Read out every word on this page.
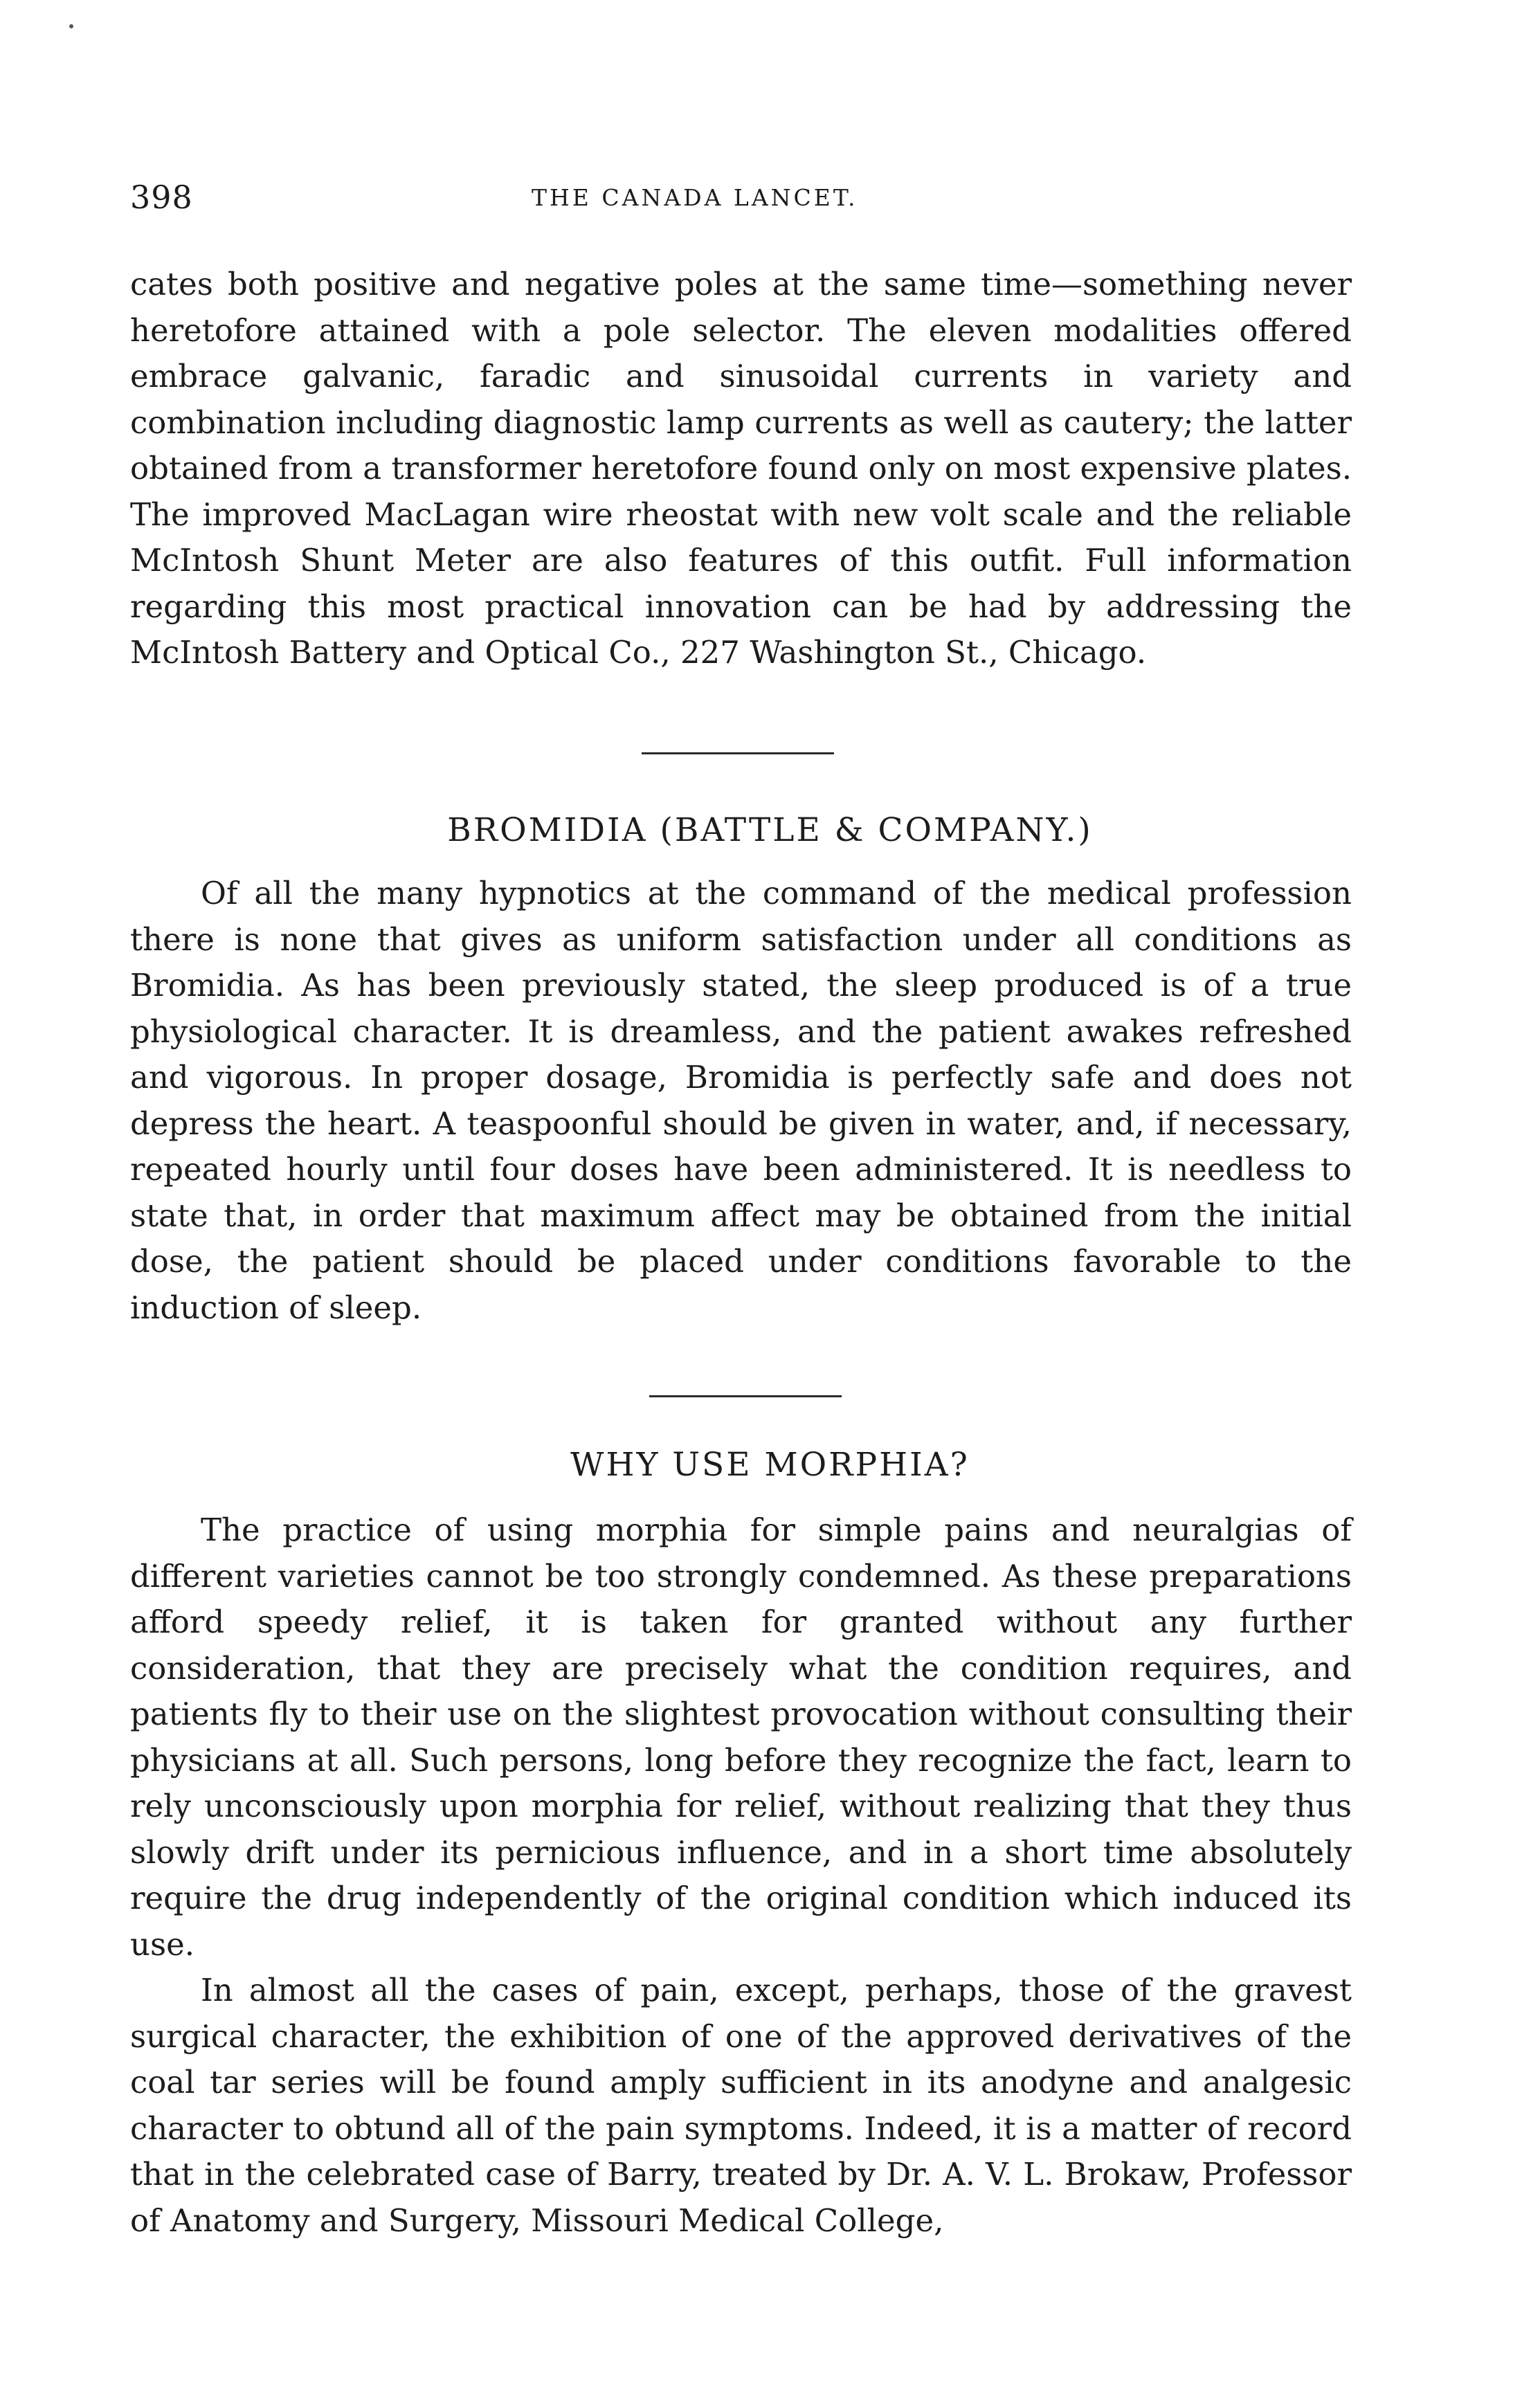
398	THE CANADA LANCET.

cates both positive and negative poles at the same time—something never heretofore attained with a pole selector. The eleven modalities offered embrace galvanic, faradic and sinusoidal currents in variety and combination including diagnostic lamp currents as well as cautery; the latter obtained from a transformer heretofore found only on most expensive plates. The improved MacLagan wire rheostat with new volt scale and the reliable McIntosh Shunt Meter are also features of this outfit. Full information regarding this most practical innovation can be had by addressing the McIntosh Battery and Optical Co., 227 Washington St., Chicago.

BROMIDIA (BATTLE & COMPANY.)

Of all the many hypnotics at the command of the medical profession there is none that gives as uniform satisfaction under all conditions as Bromidia. As has been previously stated, the sleep produced is of a true physiological character. It is dreamless, and the patient awakes refreshed and vigorous. In proper dosage, Bromidia is perfectly safe and does not depress the heart. A teaspoonful should be given in water, and, if necessary, repeated hourly until four doses have been administered. It is needless to state that, in order that maximum affect may be obtained from the initial dose, the patient should be placed under conditions favorable to the induction of sleep.

WHY USE MORPHIA?

The practice of using morphia for simple pains and neuralgias of different varieties cannot be too strongly condemned. As these preparations afford speedy relief, it is taken for granted without any further consideration, that they are precisely what the condition requires, and patients fly to their use on the slightest provocation without consulting their physicians at all. Such persons, long before they recognize the fact, learn to rely unconsciously upon morphia for relief, without realizing that they thus slowly drift under its pernicious influence, and in a short time absolutely require the drug independently of the original condition which induced its use.

In almost all the cases of pain, except, perhaps, those of the gravest surgical character, the exhibition of one of the approved derivatives of the coal tar series will be found amply sufficient in its anodyne and analgesic character to obtund all of the pain symptoms. Indeed, it is a matter of record that in the celebrated case of Barry, treated by Dr. A. V. L. Brokaw, Professor of Anatomy and Surgery, Missouri Medical College,
